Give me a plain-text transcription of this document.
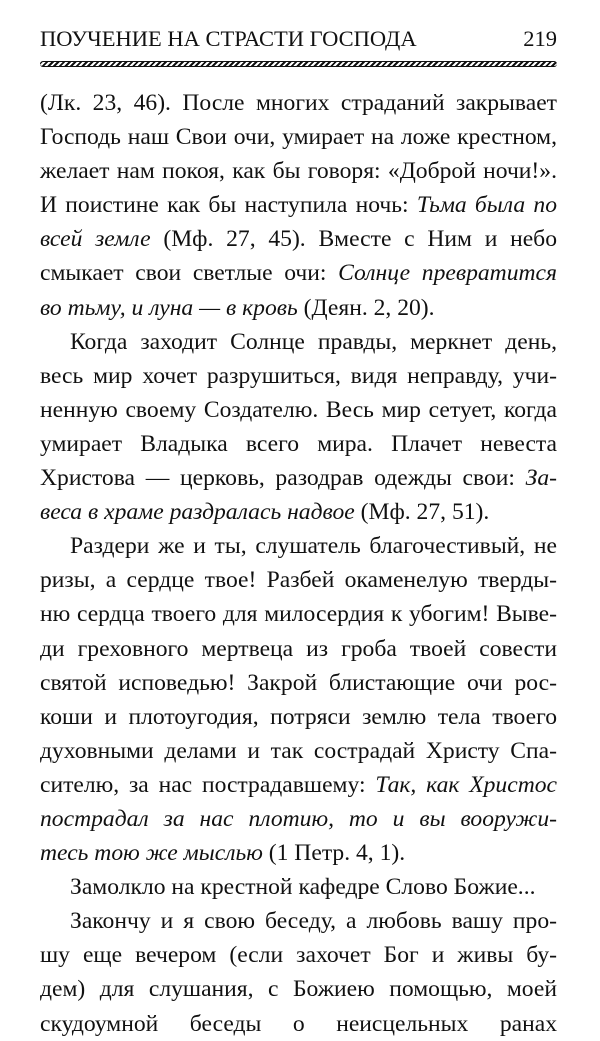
ПОУЧЕНИЕ НА СТРАСТИ ГОСПОДА	219
(Лк. 23, 46). После многих страданий закрывает
Господь наш Свои очи, умирает на ложе крестном,
желает нам покоя, как бы говоря: «Доброй ночи!».
И поистине как бы наступила ночь: Тьма была по
всей земле (Мф. 27, 45). Вместе с Ним и небо
смыкает свои светлые очи: Солнце превратится
во тьму, и луна — в кровь (Деян. 2, 20).
Когда заходит Солнце правды, меркнет день,
весь мир хочет разрушиться, видя неправду, учи-
ненную своему Создателю. Весь мир сетует, когда
умирает Владыка всего мира. Плачет невеста
Христова — церковь, разодрав одежды свои: За-
веса в храме раздралась надвое (Мф. 27, 51).
Раздери же и ты, слушатель благочестивый, не
ризы, а сердце твое! Разбей окаменелую тверды-
ню сердца твоего для милосердия к убогим! Выве-
ди греховного мертвеца из гроба твоей совести
святой исповедью! Закрой блистающие очи рос-
коши и плотоугодия, потряси землю тела твоего
духовными делами и так сострадай Христу Спа-
сителю, за нас пострадавшему: Так, как Христос
пострадал за нас плотию, то и вы вооружи-
тесь тою же мыслью (1 Петр. 4, 1).
Замолкло на крестной кафедре Слово Божие...
Закончу и я свою беседу, а любовь вашу про-
шу еще вечером (если захочет Бог и живы бу-
дем) для слушания, с Божиею помощью, моей
скудоумной беседы о неисцельных ранах
